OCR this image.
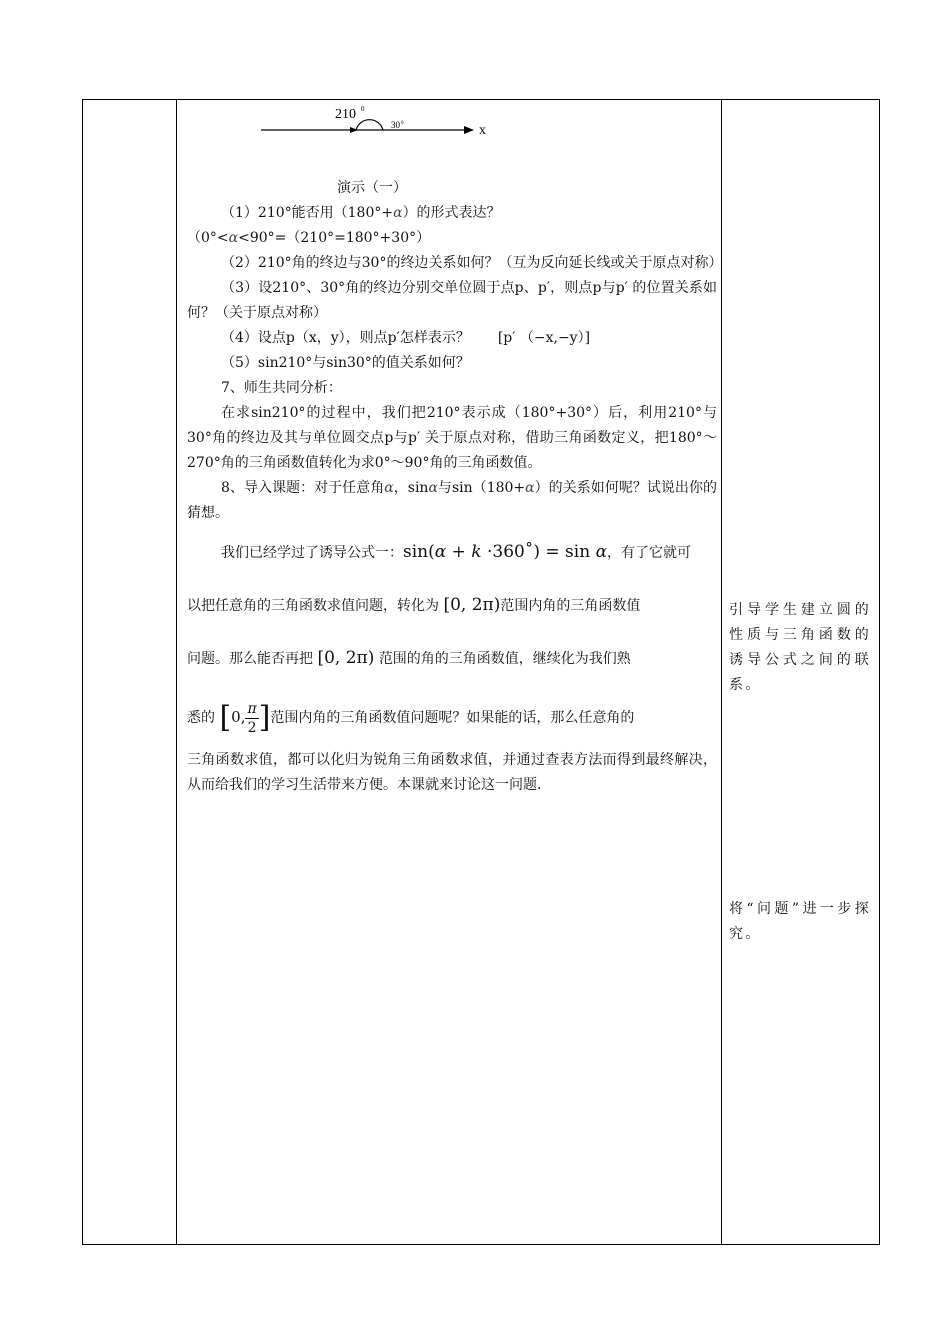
210 0
30 0	x

演示（一）

（1）210°能否用（180°+α）的形式表达？

（0°<α<90°=（210°=180°+30°）

（2）210°角的终边与30°的终边关系如何？（互为反向延长线或关于原点对称）

（3）设210°、30°角的终边分别交单位圆于点p、p′，则点p与p′ 的位置关系如何？（关于原点对称）

（4）设点p（x，y），则点p′怎样表示？ [p′ （−x,−y）]

（5）sin210°与sin30°的值关系如何？

7、师生共同分析：

在求sin210°的过程中，我们把210°表示成（180°+30°）后，利用210°与30°角的终边及其与单位圆交点p与p′ 关于原点对称，借助三角函数定义，把180°～270°角的三角函数值转化为求0°～90°角的三角函数值。

8、导入课题：对于任意角α，sinα与sin（180+α）的关系如何呢？试说出你的猜想。

我们已经学过了诱导公式一：sin(α + k ·360˚) = sin α，有了它就可

以把任意角的三角函数求值问题，转化为 [0, 2π)范围内角的三角函数值

问题。那么能否再把 [0, 2π) 范围的角的三角函数值，继续化为我们熟

悉的 [0, $\frac{\pi}{2}$ ]范围内角的三角函数值问题呢？如果能的话，那么任意角的

三角函数求值，都可以化归为锐角三角函数求值，并通过查表方法而得到最终解决，从而给我们的学习生活带来方便。本课就来讨论这一问题.

引导学生建立圆的性质与三角函数的诱导公式之间的联系。
将“问题”进一步探究。
